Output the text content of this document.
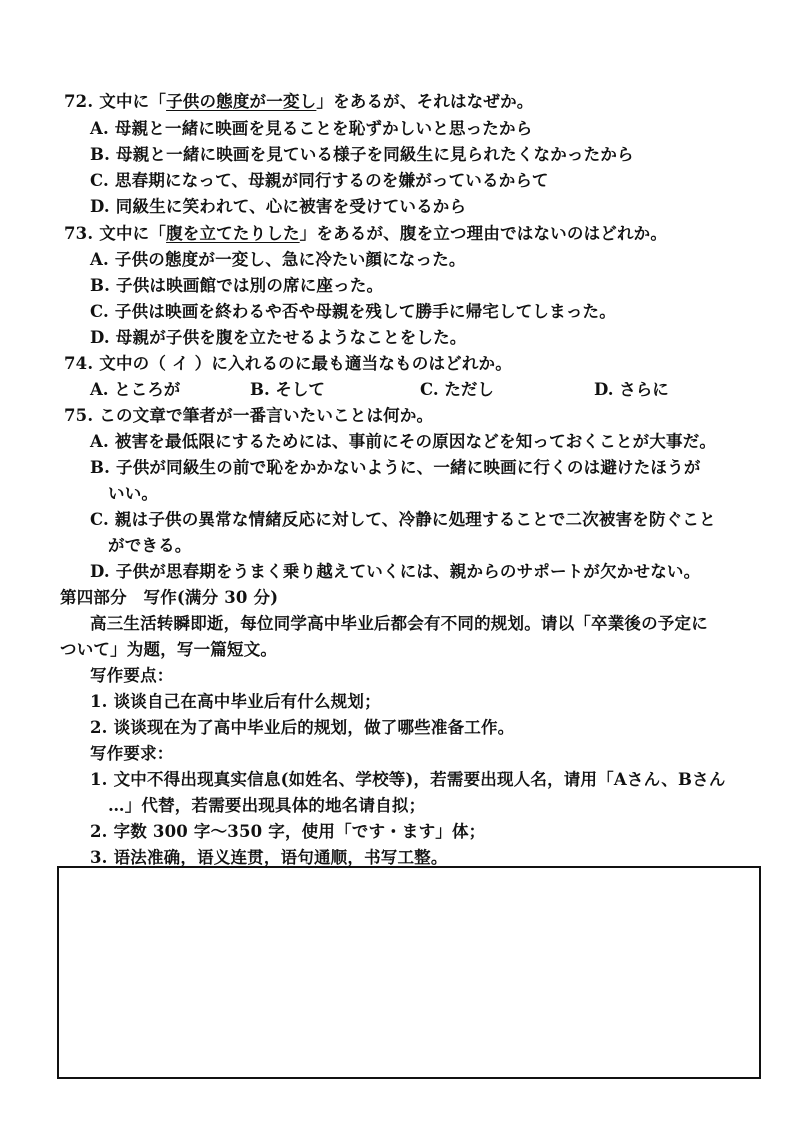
72. 文中に「子供の態度が一変し」をあるが、それはなぜか。
A. 母親と一緒に映画を見ることを恥ずかしいと思ったから
B. 母親と一緒に映画を見ている様子を同級生に見られたくなかったから
C. 思春期になって、母親が同行するのを嫌がっているからて
D. 同級生に笑われて、心に被害を受けているから
73. 文中に「腹を立てたりした」をあるが、腹を立つ理由ではないのはどれか。
A. 子供の態度が一変し、急に冷たい顔になった。
B. 子供は映画館では別の席に座った。
C. 子供は映画を終わるや否や母親を残して勝手に帰宅してしまった。
D. 母親が子供を腹を立たせるようなことをした。
74. 文中の（ イ ）に入れるのに最も適当なものはどれか。
A. ところが	B. そして	C. ただし	D. さらに
75. この文章で筆者が一番言いたいことは何か。
A. 被害を最低限にするためには、事前にその原因などを知っておくことが大事だ。
B. 子供が同級生の前で恥をかかないように、一緒に映画に行くのは避けたほうが
いい。
C. 親は子供の異常な情緒反応に対して、冷静に処理することで二次被害を防ぐこと
ができる。
D. 子供が思春期をうまく乗り越えていくには、親からのサポートが欠かせない。
第四部分　写作(满分 30 分)
高三生活转瞬即逝，每位同学高中毕业后都会有不同的规划。请以「卒業後の予定に
ついて」为题，写一篇短文。
写作要点：
1. 谈谈自己在高中毕业后有什么规划；
2. 谈谈现在为了高中毕业后的规划，做了哪些准备工作。
写作要求：
1. 文中不得出现真实信息(如姓名、学校等)，若需要出现人名，请用「Aさん、Bさん
…」代替，若需要出现具体的地名请自拟；
2. 字数 300 字～350 字，使用「です・ます」体；
3. 语法准确，语义连贯，语句通顺，书写工整。
